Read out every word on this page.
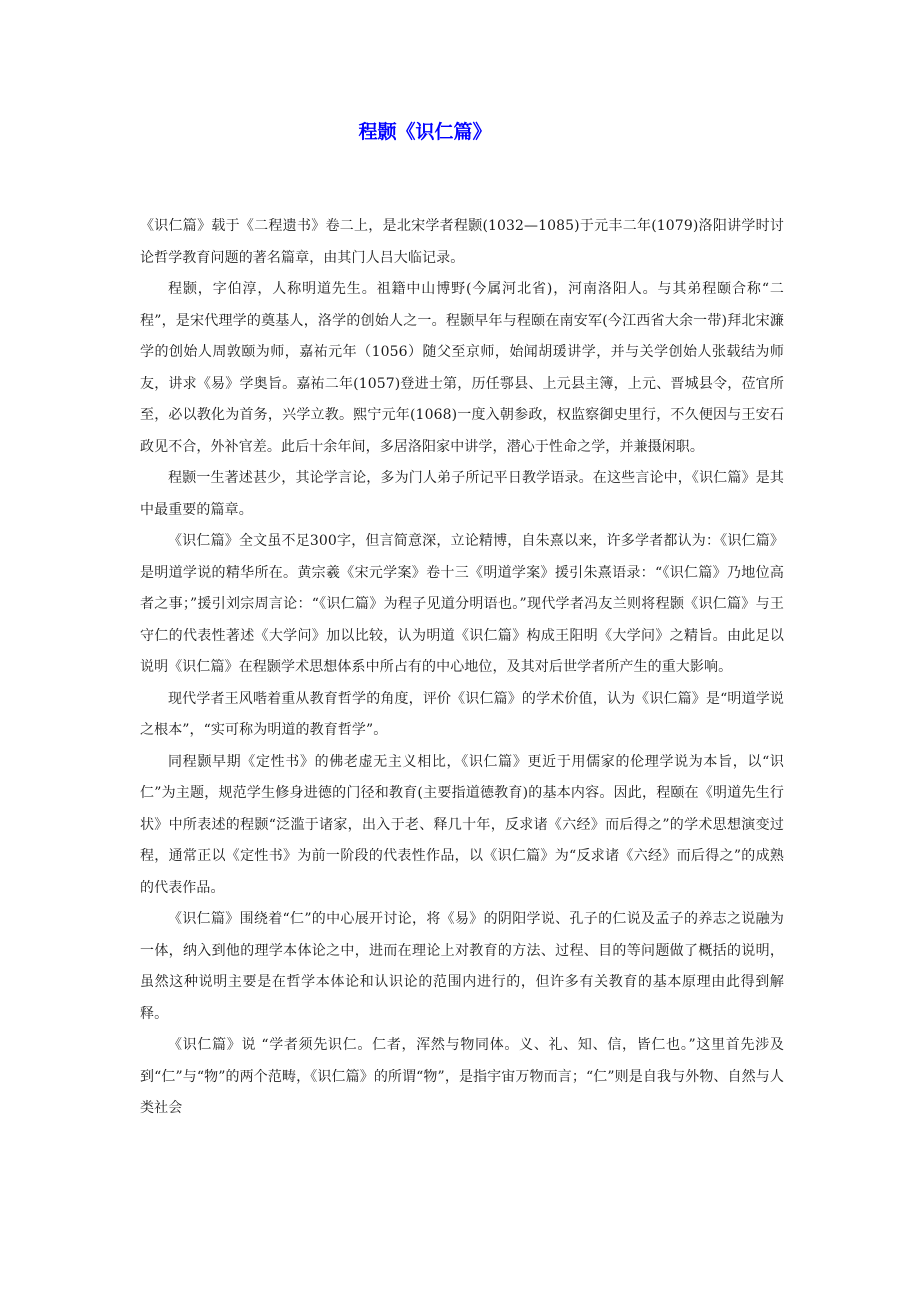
程颢《识仁篇》

《识仁篇》载于《二程遗书》卷二上，是北宋学者程颢(1032—1085)于元丰二年(1079)洛阳讲学时讨论哲学教育问题的著名篇章，由其门人吕大临记录。

程颢，字伯淳，人称明道先生。祖籍中山博野(今属河北省)，河南洛阳人。与其弟程颐合称“二程”，是宋代理学的奠基人，洛学的创始人之一。程颢早年与程颐在南安军(今江西省大余一带)拜北宋濂学的创始人周敦颐为师，嘉祐元年（1056）随父至京师，始闻胡瑗讲学，并与关学创始人张载结为师友，讲求《易》学奥旨。嘉祐二年(1057)登进士第，历任鄠县、上元县主簿，上元、晋城县令，莅官所至，必以教化为首务，兴学立教。熙宁元年(1068)一度入朝参政，权监察御史里行，不久便因与王安石政见不合，外补官差。此后十余年间，多居洛阳家中讲学，潜心于性命之学，并兼摄闲职。

程颢一生著述甚少，其论学言论，多为门人弟子所记平日教学语录。在这些言论中，《识仁篇》是其中最重要的篇章。

《识仁篇》全文虽不足300字，但言简意深，立论精博，自朱熹以来，许多学者都认为：《识仁篇》是明道学说的精华所在。黄宗羲《宋元学案》卷十三《明道学案》援引朱熹语录：“《识仁篇》乃地位高者之事；”援引刘宗周言论：“《识仁篇》为程子见道分明语也。”现代学者冯友兰则将程颢《识仁篇》与王守仁的代表性著述《大学问》加以比较，认为明道《识仁篇》构成王阳明《大学问》之精旨。由此足以说明《识仁篇》在程颢学术思想体系中所占有的中心地位，及其对后世学者所产生的重大影响。

现代学者王风喈着重从教育哲学的角度，评价《识仁篇》的学术价值，认为《识仁篇》是“明道学说之根本”，“实可称为明道的教育哲学”。

同程颢早期《定性书》的佛老虚无主义相比，《识仁篇》更近于用儒家的伦理学说为本旨，以“识仁”为主题，规范学生修身进德的门径和教育(主要指道德教育)的基本内容。因此，程颐在《明道先生行状》中所表述的程颢“泛滥于诸家，出入于老、释几十年，反求诸《六经》而后得之”的学术思想演变过程，通常正以《定性书》为前一阶段的代表性作品，以《识仁篇》为“反求诸《六经》而后得之”的成熟的代表作品。

《识仁篇》围绕着“仁”的中心展开讨论，将《易》的阴阳学说、孔子的仁说及孟子的养志之说融为一体，纳入到他的理学本体论之中，进而在理论上对教育的方法、过程、目的等问题做了概括的说明，虽然这种说明主要是在哲学本体论和认识论的范围内进行的，但许多有关教育的基本原理由此得到解释。

《识仁篇》说 “学者须先识仁。仁者，浑然与物同体。义、礼、知、信，皆仁也。”这里首先涉及到“仁”与“物”的两个范畴，《识仁篇》的所谓“物”，是指宇宙万物而言；“仁”则是自我与外物、自然与人类社会
